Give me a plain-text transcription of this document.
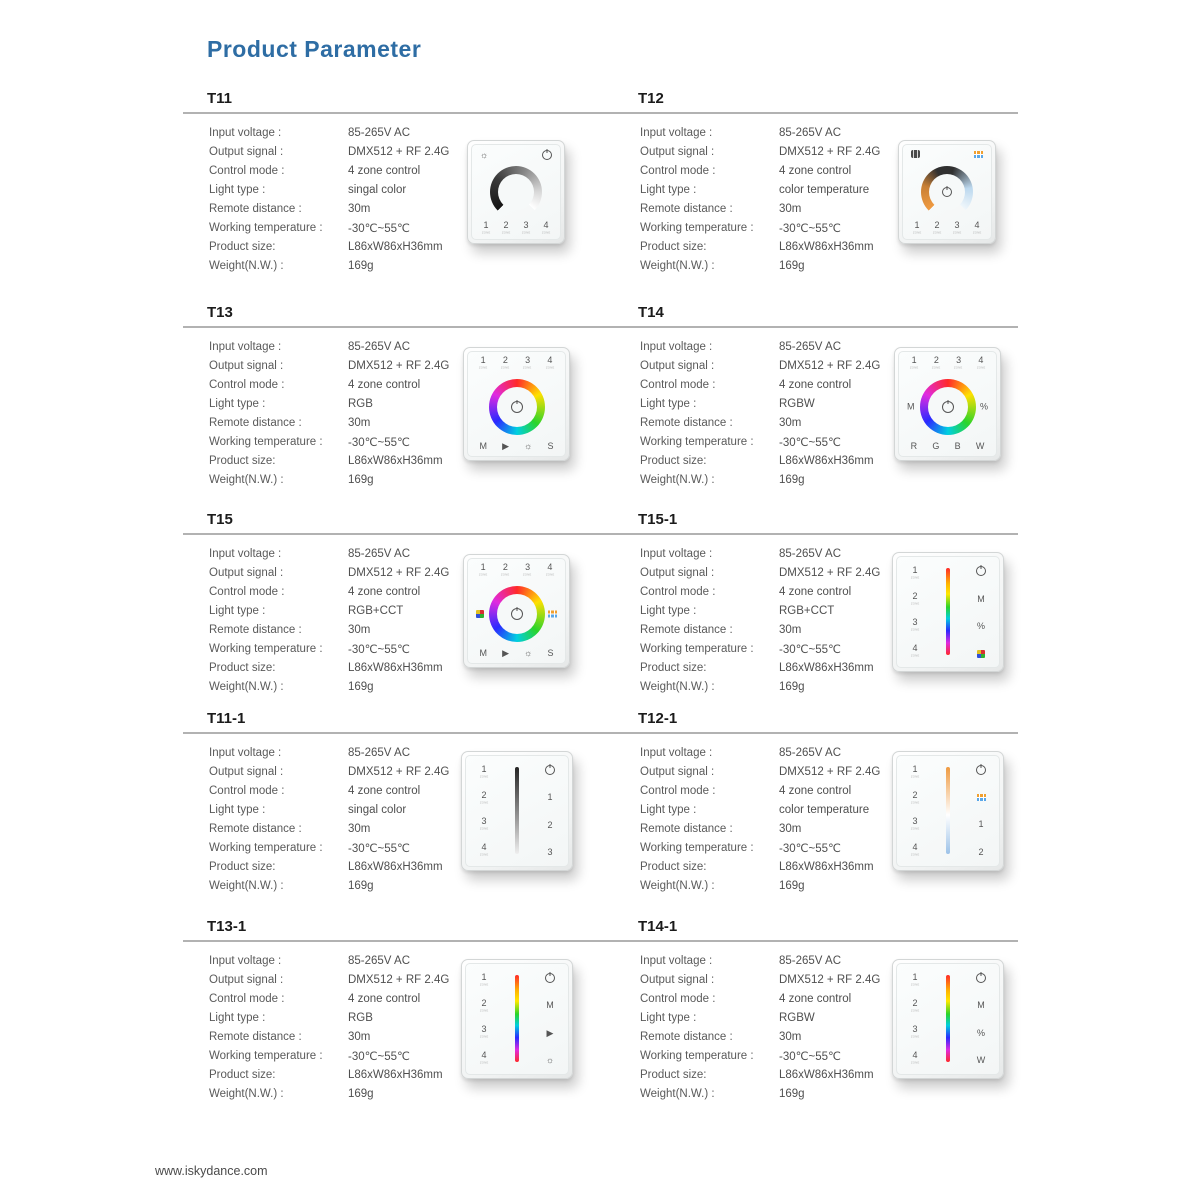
Product Parameter
T11
Input voltage :	85-265V AC
Output signal :	DMX512 + RF 2.4G
Control mode :	4 zone control
Light type :	singal color
Remote distance :	30m
Working temperature :	-30℃~55℃
Product size:	L86xW86xH36mm
Weight(N.W.) :	169g
☼
1
ZONE
2
ZONE
3
ZONE
4
ZONE
T12
Input voltage :	85-265V AC
Output signal :	DMX512 + RF 2.4G
Control mode :	4 zone control
Light type :	color temperature
Remote distance :	30m
Working temperature :	-30℃~55℃
Product size:	L86xW86xH36mm
Weight(N.W.) :	169g
1
ZONE
2
ZONE
3
ZONE
4
ZONE
T13
Input voltage :	85-265V AC
Output signal :	DMX512 + RF 2.4G
Control mode :	4 zone control
Light type :	RGB
Remote distance :	30m
Working temperature :	-30℃~55℃
Product size:	L86xW86xH36mm
Weight(N.W.) :	169g
1
ZONE
2
ZONE
3
ZONE
4
ZONE
M ▶ ☼ S
T14
Input voltage :	85-265V AC
Output signal :	DMX512 + RF 2.4G
Control mode :	4 zone control
Light type :	RGBW
Remote distance :	30m
Working temperature :	-30℃~55℃
Product size:	L86xW86xH36mm
Weight(N.W.) :	169g
1
ZONE
2
ZONE
3
ZONE
4
ZONE
M	%
R G B W
T15
Input voltage :	85-265V AC
Output signal :	DMX512 + RF 2.4G
Control mode :	4 zone control
Light type :	RGB+CCT
Remote distance :	30m
Working temperature :	-30℃~55℃
Product size:	L86xW86xH36mm
Weight(N.W.) :	169g
1
ZONE
2
ZONE
3
ZONE
4
ZONE
M ▶ ☼ S
T15-1
Input voltage :	85-265V AC
Output signal :	DMX512 + RF 2.4G
Control mode :	4 zone control
Light type :	RGB+CCT
Remote distance :	30m
Working temperature :	-30℃~55℃
Product size:	L86xW86xH36mm
Weight(N.W.) :	169g
1
ZONE
2
ZONE
3
ZONE
4
ZONE
M
%
T11-1
Input voltage :	85-265V AC
Output signal :	DMX512 + RF 2.4G
Control mode :	4 zone control
Light type :	singal color
Remote distance :	30m
Working temperature :	-30℃~55℃
Product size:	L86xW86xH36mm
Weight(N.W.) :	169g
1
ZONE
2
ZONE
3
ZONE
4
ZONE
1
2
3
T12-1
Input voltage :	85-265V AC
Output signal :	DMX512 + RF 2.4G
Control mode :	4 zone control
Light type :	color temperature
Remote distance :	30m
Working temperature :	-30℃~55℃
Product size:	L86xW86xH36mm
Weight(N.W.) :	169g
1
ZONE
2
ZONE
3
ZONE
4
ZONE
1
2
T13-1
Input voltage :	85-265V AC
Output signal :	DMX512 + RF 2.4G
Control mode :	4 zone control
Light type :	RGB
Remote distance :	30m
Working temperature :	-30℃~55℃
Product size:	L86xW86xH36mm
Weight(N.W.) :	169g
1
ZONE
2
ZONE
3
ZONE
4
ZONE
M
▶
☼
T14-1
Input voltage :	85-265V AC
Output signal :	DMX512 + RF 2.4G
Control mode :	4 zone control
Light type :	RGBW
Remote distance :	30m
Working temperature :	-30℃~55℃
Product size:	L86xW86xH36mm
Weight(N.W.) :	169g
1
ZONE
2
ZONE
3
ZONE
4
ZONE
M
%
W
www.iskydance.com
